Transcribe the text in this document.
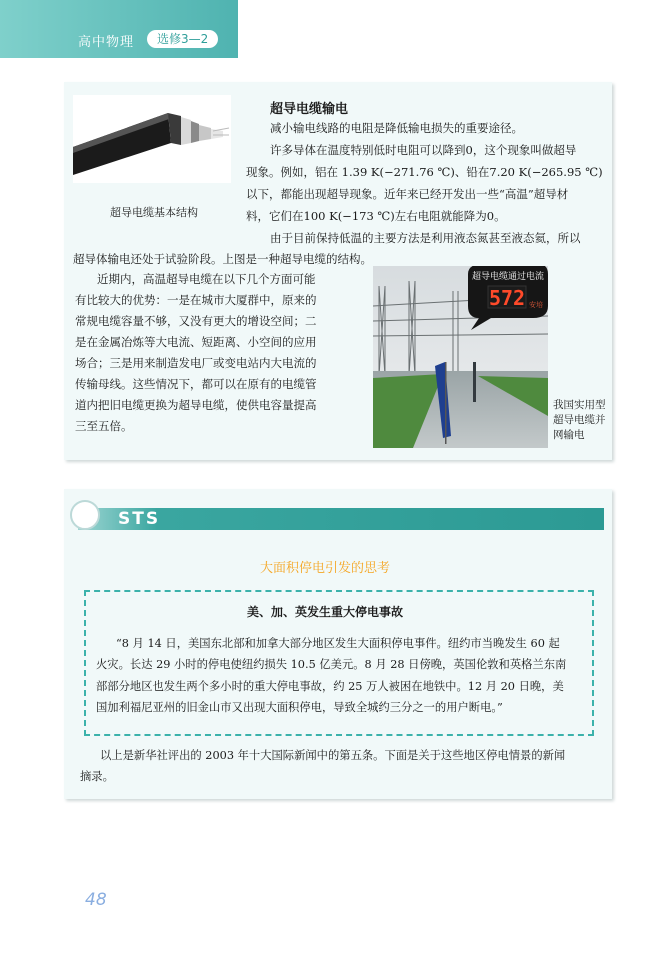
高中物理	选修3—2
超导电缆基本结构
超导电缆输电
减小输电线路的电阻是降低输电损失的重要途径。
许多导体在温度特别低时电阻可以降到0，这个现象叫做超导
现象。例如，铝在 1.39 K(−271.76 ℃)、铅在7.20 K(−265.95 ℃)
以下，都能出现超导现象。近年来已经开发出一些“高温”超导材
料，它们在100 K(−173 ℃)左右电阻就能降为0。
由于目前保持低温的主要方法是利用液态氮甚至液态氦，所以
超导体输电还处于试验阶段。上图是一种超导电缆的结构。
近期内，高温超导电缆在以下几个方面可能
有比较大的优势：一是在城市大厦群中，原来的
常规电缆容量不够，又没有更大的增设空间；二
是在金属冶炼等大电流、短距离、小空间的应用
场合；三是用来制造发电厂或变电站内大电流的
传输母线。这些情况下，都可以在原有的电缆管
道内把旧电缆更换为超导电缆，使供电容量提高
三至五倍。
超导电缆通过电流
572 安培
我国实用型
超导电缆并
网输电
STS
大面积停电引发的思考
美、加、英发生重大停电事故
“8 月 14 日，美国东北部和加拿大部分地区发生大面积停电事件。纽约市当晚发生 60 起
火灾。长达 29 小时的停电使纽约损失 10.5 亿美元。8 月 28 日傍晚，英国伦敦和英格兰东南
部部分地区也发生两个多小时的重大停电事故，约 25 万人被困在地铁中。12 月 20 日晚，美
国加利福尼亚州的旧金山市又出现大面积停电，导致全城约三分之一的用户断电。”
以上是新华社评出的 2003 年十大国际新闻中的第五条。下面是关于这些地区停电情景的新闻
摘录。
48
